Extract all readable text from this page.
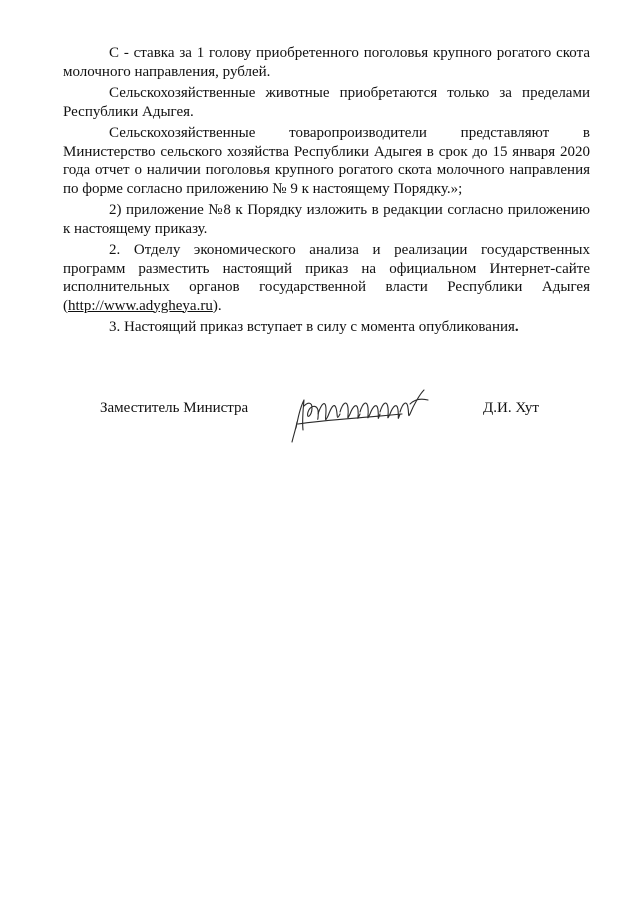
С - ставка за 1 голову приобретенного поголовья крупного рогатого скота
молочного направления, рублей.

Сельскохозяйственные животные приобретаются только за пределами
Республики Адыгея.

Сельскохозяйственные товаропроизводители представляют в
Министерство сельского хозяйства Республики Адыгея в срок до 15 января 2020
года отчет о наличии поголовья крупного рогатого скота молочного направления
по форме согласно приложению № 9 к настоящему Порядку.»;

2) приложение №8 к Порядку изложить в редакции согласно приложению
к настоящему приказу.

2. Отделу экономического анализа и реализации государственных
программ разместить настоящий приказ на официальном Интернет-сайте
исполнительных органов государственной власти Республики Адыгея
(http://www.adygheya.ru).

3. Настоящий приказ вступает в силу с момента опубликования.

Заместитель Министра	Д.И. Хут
